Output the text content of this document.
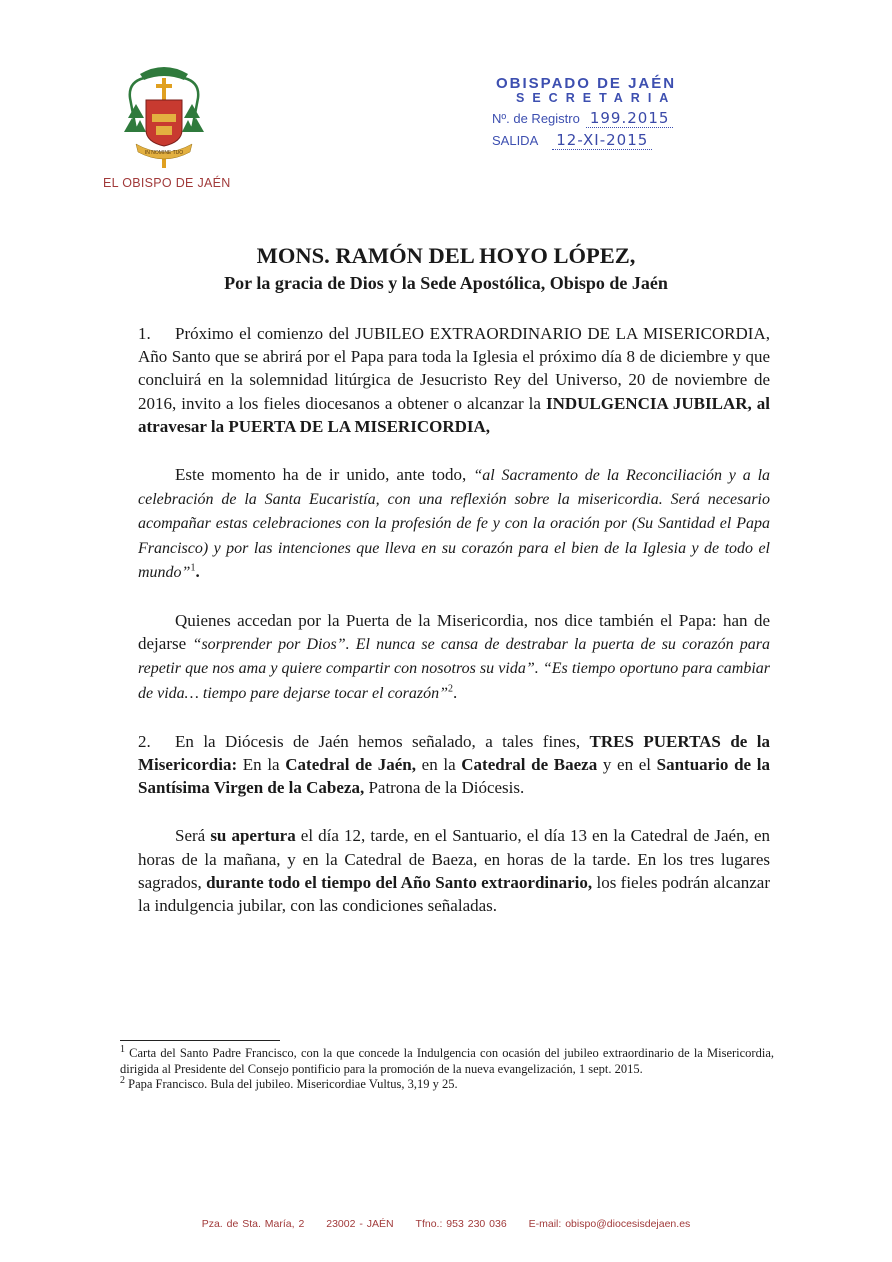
IN NOMINE TUO
EL OBISPO DE JAÉN
OBISPADO DE JAÉN
SECRETARIA
Nº. de Registro 199.2015
SALIDA 12-XI-2015
MONS. RAMÓN DEL HOYO LÓPEZ,
Por la gracia de Dios y la Sede Apostólica, Obispo de Jaén

1. Próximo el comienzo del JUBILEO EXTRAORDINARIO DE LA MISERICORDIA, Año Santo que se abrirá por el Papa para toda la Iglesia el próximo día 8 de diciembre y que concluirá en la solemnidad litúrgica de Jesucristo Rey del Universo, 20 de noviembre de 2016, invito a los fieles diocesanos a obtener o alcanzar la INDULGENCIA JUBILAR, al atravesar la PUERTA DE LA MISERICORDIA,

Este momento ha de ir unido, ante todo, “al Sacramento de la Reconciliación y a la celebración de la Santa Eucaristía, con una reflexión sobre la misericordia. Será necesario acompañar estas celebraciones con la profesión de fe y con la oración por (Su Santidad el Papa Francisco) y por las intenciones que lleva en su corazón para el bien de la Iglesia y de todo el mundo”$^1$.

Quienes accedan por la Puerta de la Misericordia, nos dice también el Papa: han de dejarse “sorprender por Dios”. El nunca se cansa de destrabar la puerta de su corazón para repetir que nos ama y quiere compartir con nosotros su vida”. “Es tiempo oportuno para cambiar de vida… tiempo pare dejarse tocar el corazón”$^2$.

2. En la Diócesis de Jaén hemos señalado, a tales fines, TRES PUERTAS de la Misericordia: En la Catedral de Jaén, en la Catedral de Baeza y en el Santuario de la Santísima Virgen de la Cabeza, Patrona de la Diócesis.

Será su apertura el día 12, tarde, en el Santuario, el día 13 en la Catedral de Jaén, en horas de la mañana, y en la Catedral de Baeza, en horas de la tarde. En los tres lugares sagrados, durante todo el tiempo del Año Santo extraordinario, los fieles podrán alcanzar la indulgencia jubilar, con las condiciones señaladas.

$^1$ Carta del Santo Padre Francisco, con la que concede la Indulgencia con ocasión del jubileo extraordinario de la Misericordia, dirigida al Presidente del Consejo pontificio para la promoción de la nueva evangelización, 1 sept. 2015.

$^2$ Papa Francisco. Bula del jubileo. Misericordiae Vultus, 3,19 y 25.

Pza. de Sta. María, 2 23002 - JAÉN Tfno.: 953 230 036 E-mail: obispo@diocesisdejaen.es
